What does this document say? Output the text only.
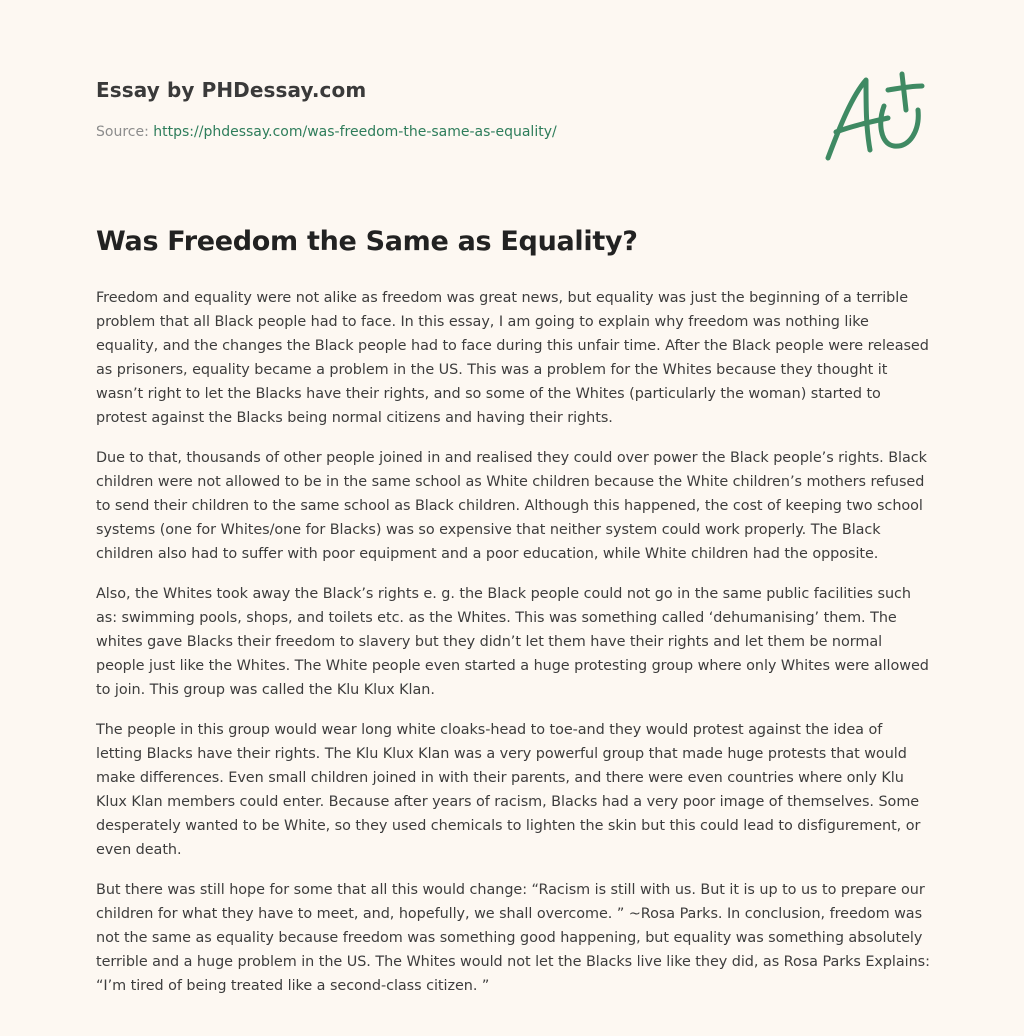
Essay by PHDessay.com
Source: https://phdessay.com/was-freedom-the-same-as-equality/
Was Freedom the Same as Equality?

Freedom and equality were not alike as freedom was great news, but equality was just the beginning of a terrible problem that all Black people had to face. In this essay, I am going to explain why freedom was nothing like equality, and the changes the Black people had to face during this unfair time. After the Black people were released as prisoners, equality became a problem in the US. This was a problem for the Whites because they thought it wasn’t right to let the Blacks have their rights, and so some of the Whites (particularly the woman) started to protest against the Blacks being normal citizens and having their rights.

Due to that, thousands of other people joined in and realised they could over power the Black people’s rights. Black children were not allowed to be in the same school as White children because the White children’s mothers refused to send their children to the same school as Black children. Although this happened, the cost of keeping two school systems (one for Whites/one for Blacks) was so expensive that neither system could work properly. The Black children also had to suffer with poor equipment and a poor education, while White children had the opposite.

Also, the Whites took away the Black’s rights e. g. the Black people could not go in the same public facilities such as: swimming pools, shops, and toilets etc. as the Whites. This was something called ‘dehumanising’ them. The whites gave Blacks their freedom to slavery but they didn’t let them have their rights and let them be normal people just like the Whites. The White people even started a huge protesting group where only Whites were allowed to join. This group was called the Klu Klux Klan.

The people in this group would wear long white cloaks-head to toe-and they would protest against the idea of letting Blacks have their rights. The Klu Klux Klan was a very powerful group that made huge protests that would make differences. Even small children joined in with their parents, and there were even countries where only Klu Klux Klan members could enter. Because after years of racism, Blacks had a very poor image of themselves. Some desperately wanted to be White, so they used chemicals to lighten the skin but this could lead to disfigurement, or even death.

But there was still hope for some that all this would change: “Racism is still with us. But it is up to us to prepare our children for what they have to meet, and, hopefully, we shall overcome. ” ~Rosa Parks. In conclusion, freedom was not the same as equality because freedom was something good happening, but equality was something absolutely terrible and a huge problem in the US. The Whites would not let the Blacks live like they did, as Rosa Parks Explains: “I’m tired of being treated like a second-class citizen. ”
